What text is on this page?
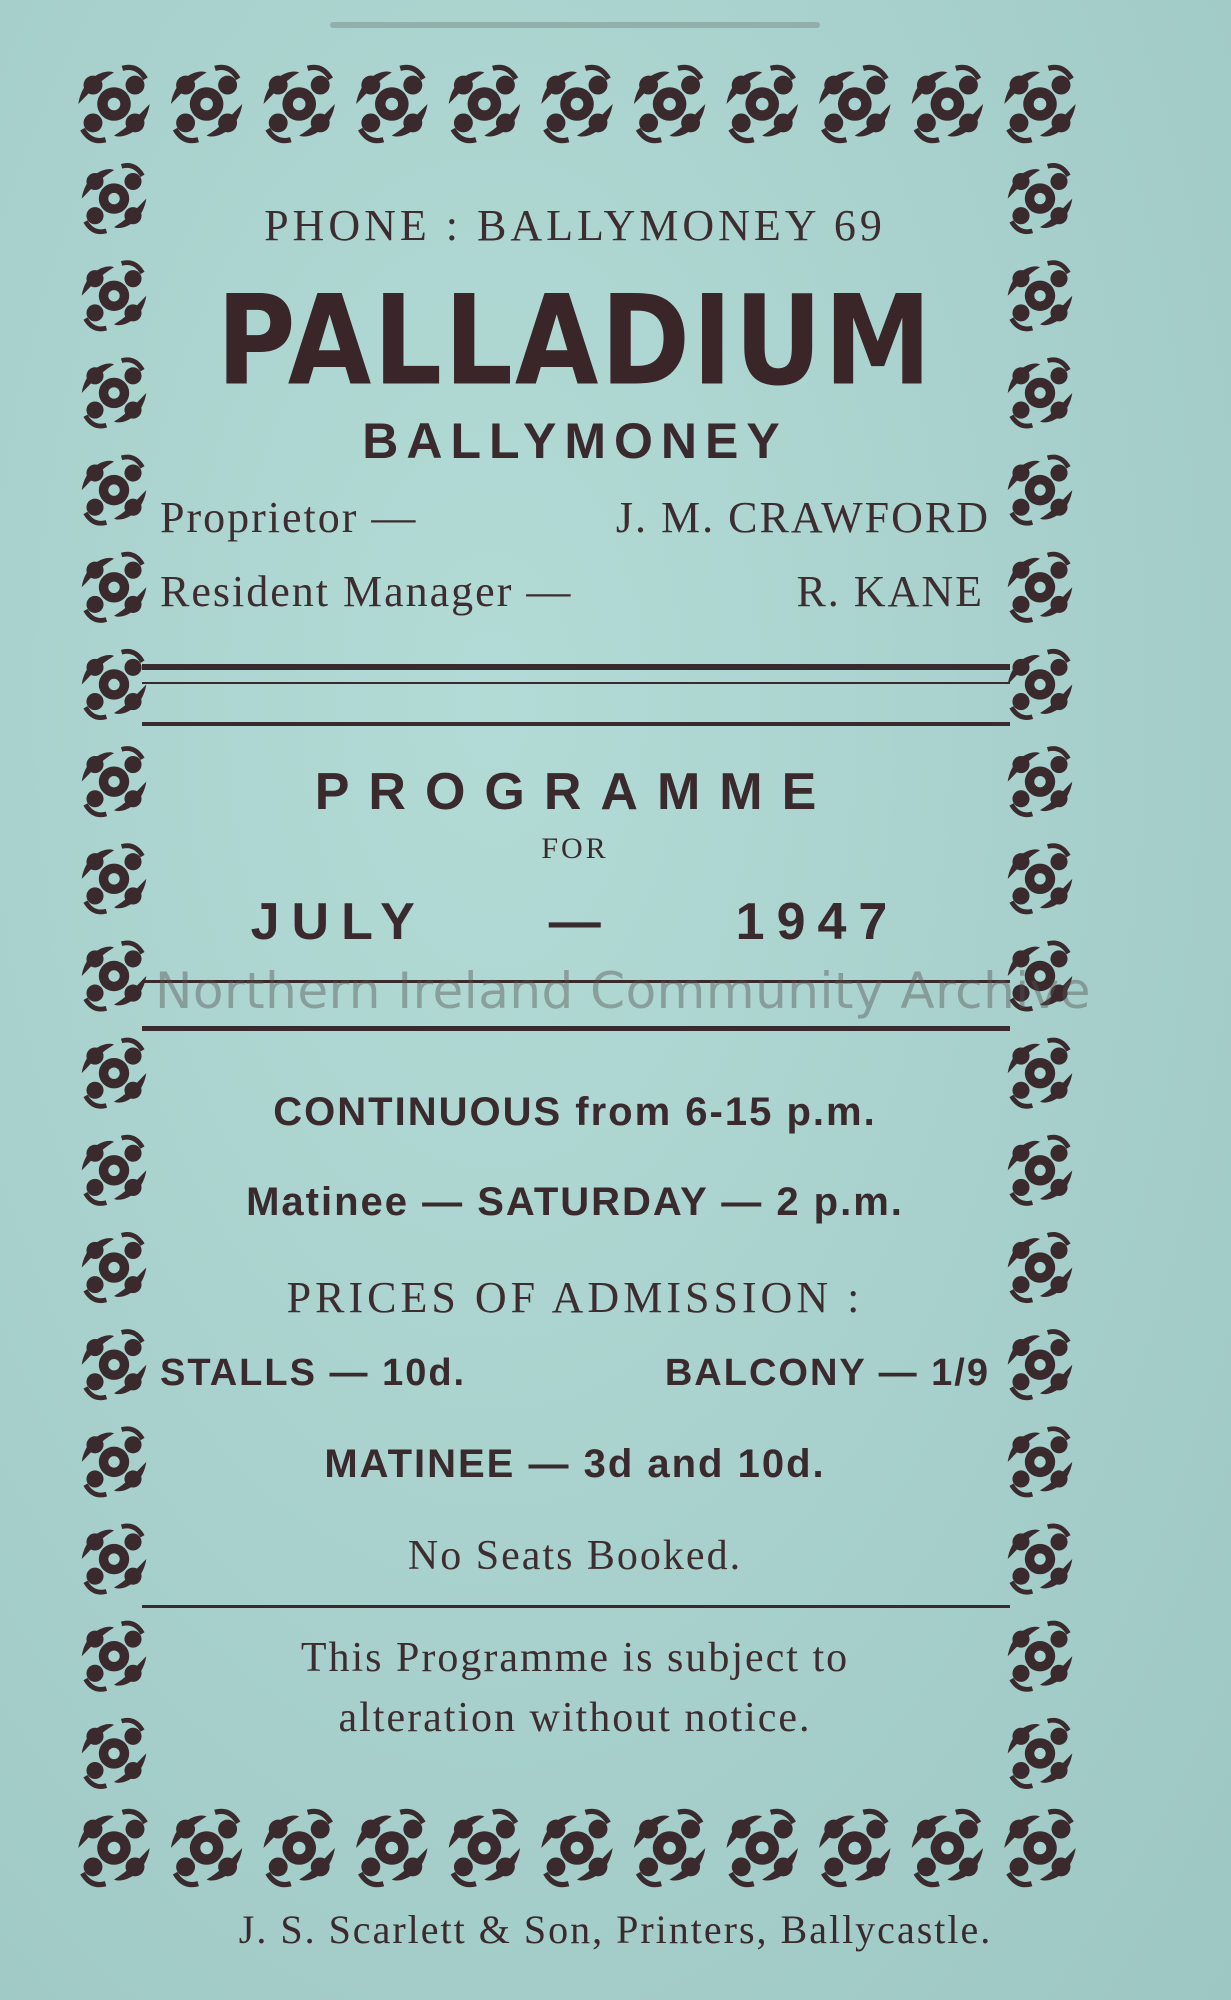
PHONE : BALLYMONEY 69
PALLADIUM
BALLYMONEY
Proprietor —	J. M. CRAWFORD
Resident Manager —	R. KANE
PROGRAMME
FOR
JULY — 1947
CONTINUOUS from 6-15 p.m.
Matinee — SATURDAY — 2 p.m.
PRICES OF ADMISSION :
STALLS — 10d.	BALCONY — 1/9
MATINEE — 3d and 10d.
No Seats Booked.
This Programme is subject to
alteration without notice.
Northern Ireland Community Archive
J. S. Scarlett & Son, Printers, Ballycastle.
